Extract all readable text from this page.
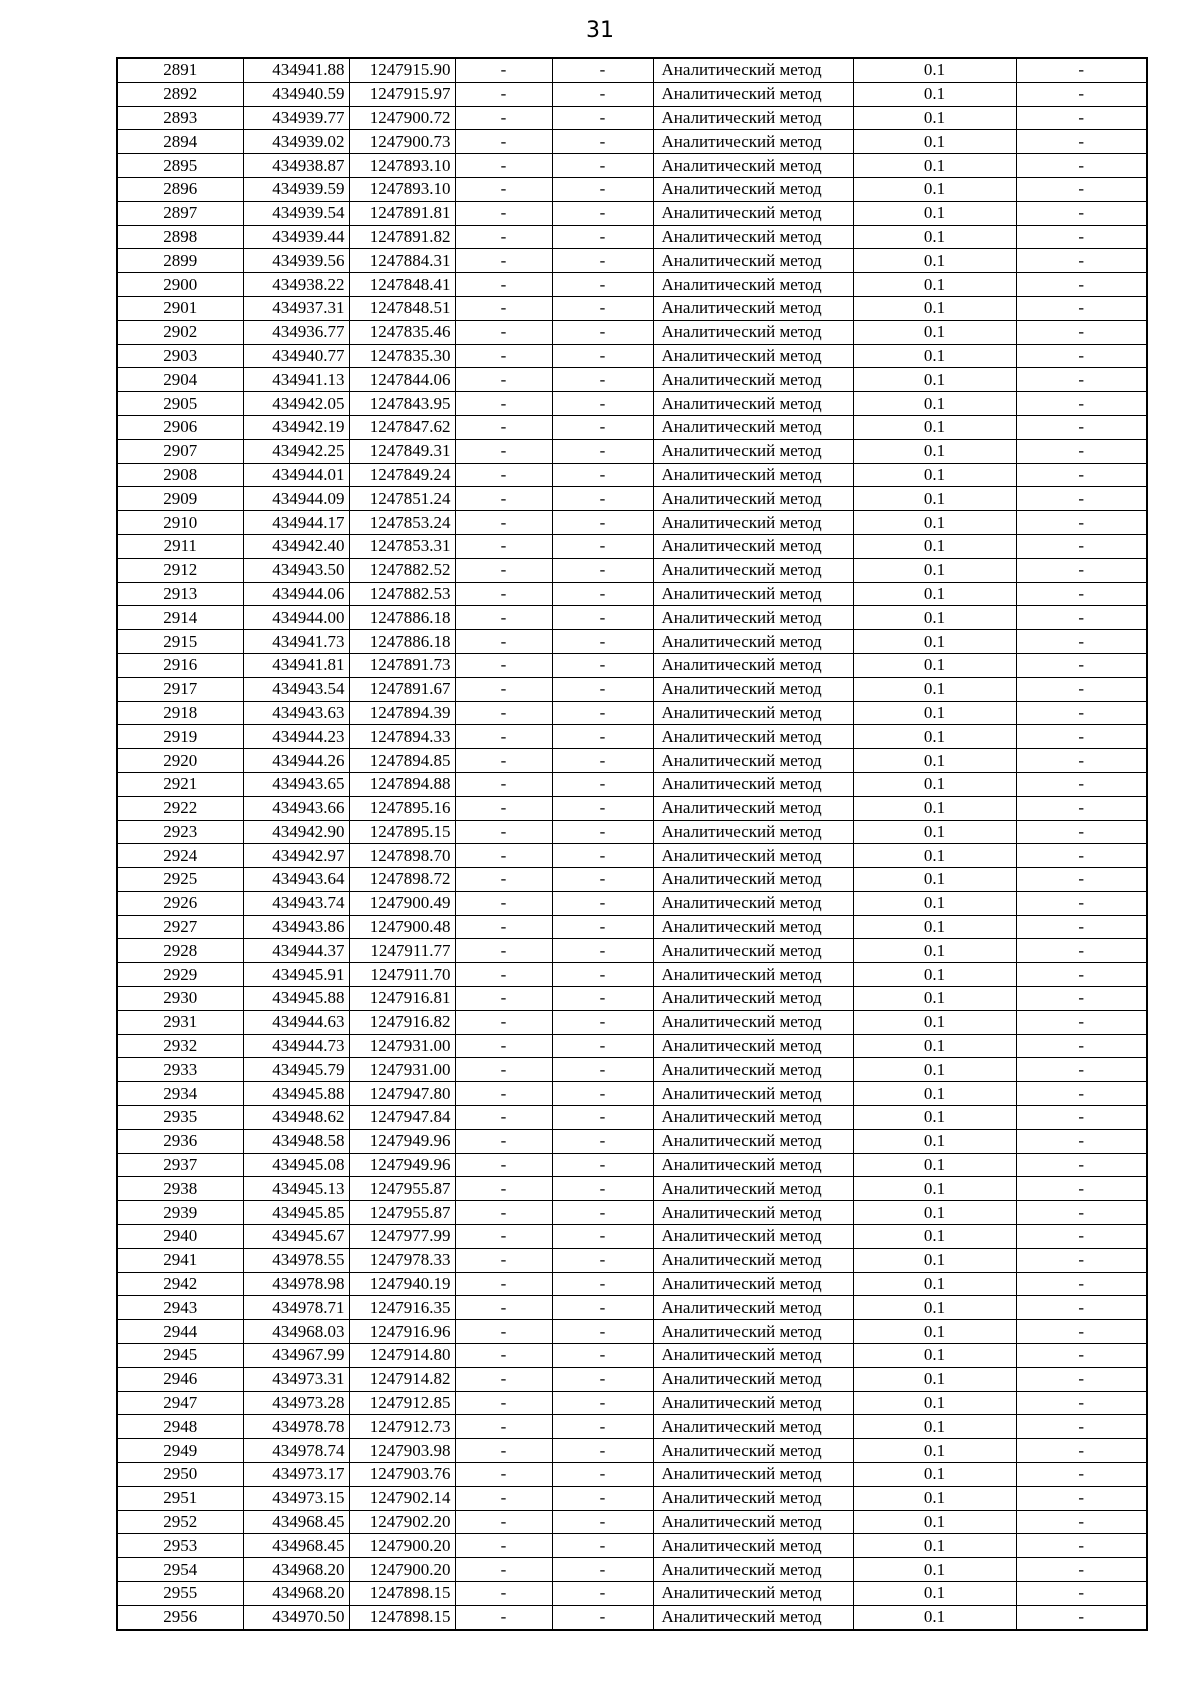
31
2891	434941.88	1247915.90	-	-	Аналитический метод	0.1	-
2892	434940.59	1247915.97	-	-	Аналитический метод	0.1	-
2893	434939.77	1247900.72	-	-	Аналитический метод	0.1	-
2894	434939.02	1247900.73	-	-	Аналитический метод	0.1	-
2895	434938.87	1247893.10	-	-	Аналитический метод	0.1	-
2896	434939.59	1247893.10	-	-	Аналитический метод	0.1	-
2897	434939.54	1247891.81	-	-	Аналитический метод	0.1	-
2898	434939.44	1247891.82	-	-	Аналитический метод	0.1	-
2899	434939.56	1247884.31	-	-	Аналитический метод	0.1	-
2900	434938.22	1247848.41	-	-	Аналитический метод	0.1	-
2901	434937.31	1247848.51	-	-	Аналитический метод	0.1	-
2902	434936.77	1247835.46	-	-	Аналитический метод	0.1	-
2903	434940.77	1247835.30	-	-	Аналитический метод	0.1	-
2904	434941.13	1247844.06	-	-	Аналитический метод	0.1	-
2905	434942.05	1247843.95	-	-	Аналитический метод	0.1	-
2906	434942.19	1247847.62	-	-	Аналитический метод	0.1	-
2907	434942.25	1247849.31	-	-	Аналитический метод	0.1	-
2908	434944.01	1247849.24	-	-	Аналитический метод	0.1	-
2909	434944.09	1247851.24	-	-	Аналитический метод	0.1	-
2910	434944.17	1247853.24	-	-	Аналитический метод	0.1	-
2911	434942.40	1247853.31	-	-	Аналитический метод	0.1	-
2912	434943.50	1247882.52	-	-	Аналитический метод	0.1	-
2913	434944.06	1247882.53	-	-	Аналитический метод	0.1	-
2914	434944.00	1247886.18	-	-	Аналитический метод	0.1	-
2915	434941.73	1247886.18	-	-	Аналитический метод	0.1	-
2916	434941.81	1247891.73	-	-	Аналитический метод	0.1	-
2917	434943.54	1247891.67	-	-	Аналитический метод	0.1	-
2918	434943.63	1247894.39	-	-	Аналитический метод	0.1	-
2919	434944.23	1247894.33	-	-	Аналитический метод	0.1	-
2920	434944.26	1247894.85	-	-	Аналитический метод	0.1	-
2921	434943.65	1247894.88	-	-	Аналитический метод	0.1	-
2922	434943.66	1247895.16	-	-	Аналитический метод	0.1	-
2923	434942.90	1247895.15	-	-	Аналитический метод	0.1	-
2924	434942.97	1247898.70	-	-	Аналитический метод	0.1	-
2925	434943.64	1247898.72	-	-	Аналитический метод	0.1	-
2926	434943.74	1247900.49	-	-	Аналитический метод	0.1	-
2927	434943.86	1247900.48	-	-	Аналитический метод	0.1	-
2928	434944.37	1247911.77	-	-	Аналитический метод	0.1	-
2929	434945.91	1247911.70	-	-	Аналитический метод	0.1	-
2930	434945.88	1247916.81	-	-	Аналитический метод	0.1	-
2931	434944.63	1247916.82	-	-	Аналитический метод	0.1	-
2932	434944.73	1247931.00	-	-	Аналитический метод	0.1	-
2933	434945.79	1247931.00	-	-	Аналитический метод	0.1	-
2934	434945.88	1247947.80	-	-	Аналитический метод	0.1	-
2935	434948.62	1247947.84	-	-	Аналитический метод	0.1	-
2936	434948.58	1247949.96	-	-	Аналитический метод	0.1	-
2937	434945.08	1247949.96	-	-	Аналитический метод	0.1	-
2938	434945.13	1247955.87	-	-	Аналитический метод	0.1	-
2939	434945.85	1247955.87	-	-	Аналитический метод	0.1	-
2940	434945.67	1247977.99	-	-	Аналитический метод	0.1	-
2941	434978.55	1247978.33	-	-	Аналитический метод	0.1	-
2942	434978.98	1247940.19	-	-	Аналитический метод	0.1	-
2943	434978.71	1247916.35	-	-	Аналитический метод	0.1	-
2944	434968.03	1247916.96	-	-	Аналитический метод	0.1	-
2945	434967.99	1247914.80	-	-	Аналитический метод	0.1	-
2946	434973.31	1247914.82	-	-	Аналитический метод	0.1	-
2947	434973.28	1247912.85	-	-	Аналитический метод	0.1	-
2948	434978.78	1247912.73	-	-	Аналитический метод	0.1	-
2949	434978.74	1247903.98	-	-	Аналитический метод	0.1	-
2950	434973.17	1247903.76	-	-	Аналитический метод	0.1	-
2951	434973.15	1247902.14	-	-	Аналитический метод	0.1	-
2952	434968.45	1247902.20	-	-	Аналитический метод	0.1	-
2953	434968.45	1247900.20	-	-	Аналитический метод	0.1	-
2954	434968.20	1247900.20	-	-	Аналитический метод	0.1	-
2955	434968.20	1247898.15	-	-	Аналитический метод	0.1	-
2956	434970.50	1247898.15	-	-	Аналитический метод	0.1	-
